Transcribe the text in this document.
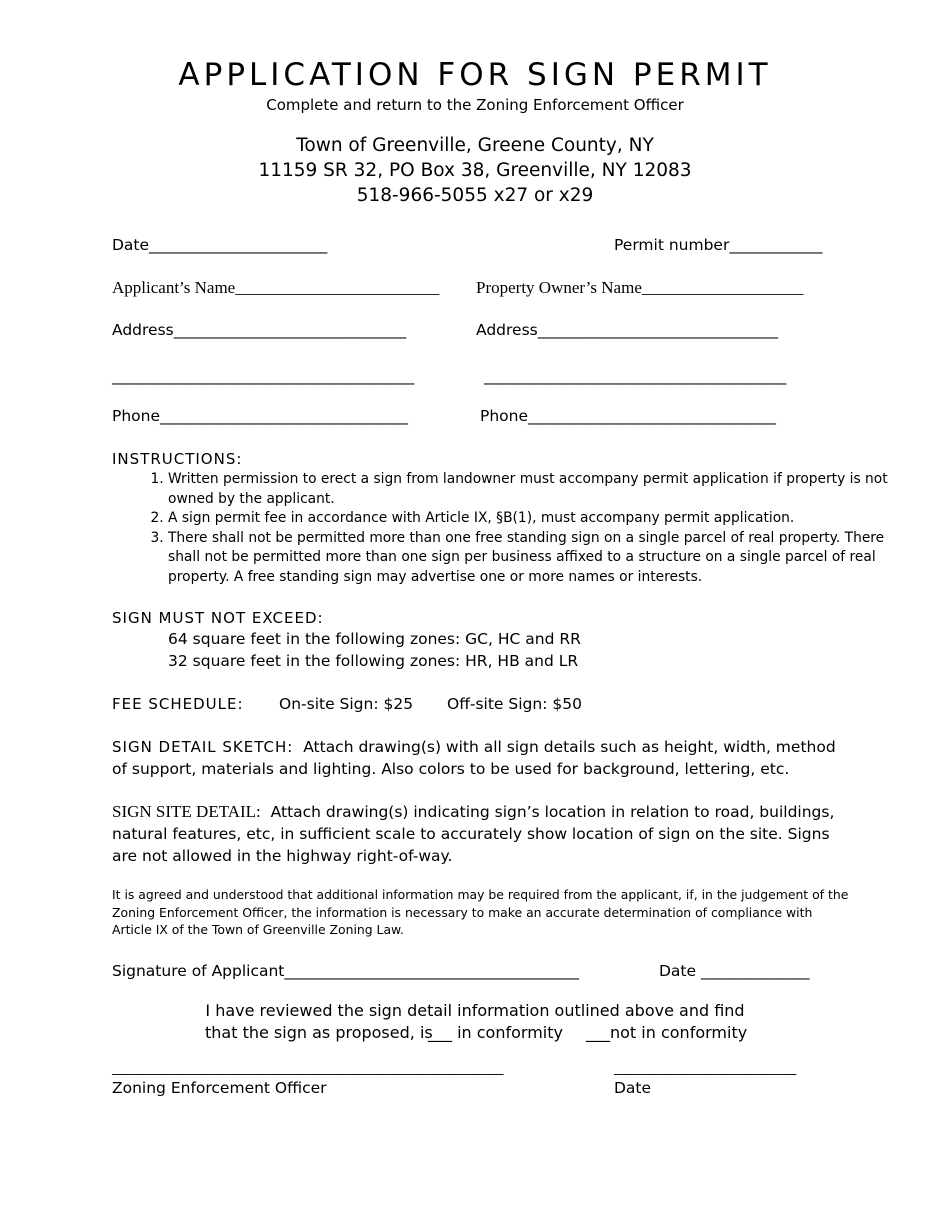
APPLICATION FOR SIGN PERMIT
Complete and return to the Zoning Enforcement Officer
Town of Greenville, Greene County, NY
11159 SR 32, PO Box 38, Greenville, NY 12083
518-966-5055 x27 or x29
Date_______________________	Permit number____________
Applicant’s Name________________________ Property Owner’s Name___________________
Address______________________________	Address_______________________________
_______________________________________	_______________________________________
Phone________________________________	Phone________________________________
INSTRUCTIONS:
1. Written permission to erect a sign from landowner must accompany permit application if property is not owned by the applicant.
2. A sign permit fee in accordance with Article IX, §B(1), must accompany permit application.
3. There shall not be permitted more than one free standing sign on a single parcel of real property. There shall not be permitted more than one sign per business affixed to a structure on a single parcel of real property. A free standing sign may advertise one or more names or interests.
SIGN MUST NOT EXCEED:
64 square feet in the following zones: GC, HC and RR
32 square feet in the following zones: HR, HB and LR
FEE SCHEDULE: On-site Sign: $25 Off-site Sign: $50
SIGN DETAIL SKETCH: Attach drawing(s) with all sign details such as height, width, method of support, materials and lighting. Also colors to be used for background, lettering, etc.
SIGN SITE DETAIL: Attach drawing(s) indicating sign’s location in relation to road, buildings, natural features, etc, in sufficient scale to accurately show location of sign on the site. Signs are not allowed in the highway right-of-way.
It is agreed and understood that additional information may be required from the applicant, if, in the judgement of the Zoning Enforcement Officer, the information is necessary to make an accurate determination of compliance with Article IX of the Town of Greenville Zoning Law.
Signature of Applicant______________________________________	Date ______________
I have reviewed the sign detail information outlined above and find
that the sign as proposed, is
___ in conformity ___not in conformity
__________________________________________________________	___________________________
Zoning Enforcement Officer	Date
